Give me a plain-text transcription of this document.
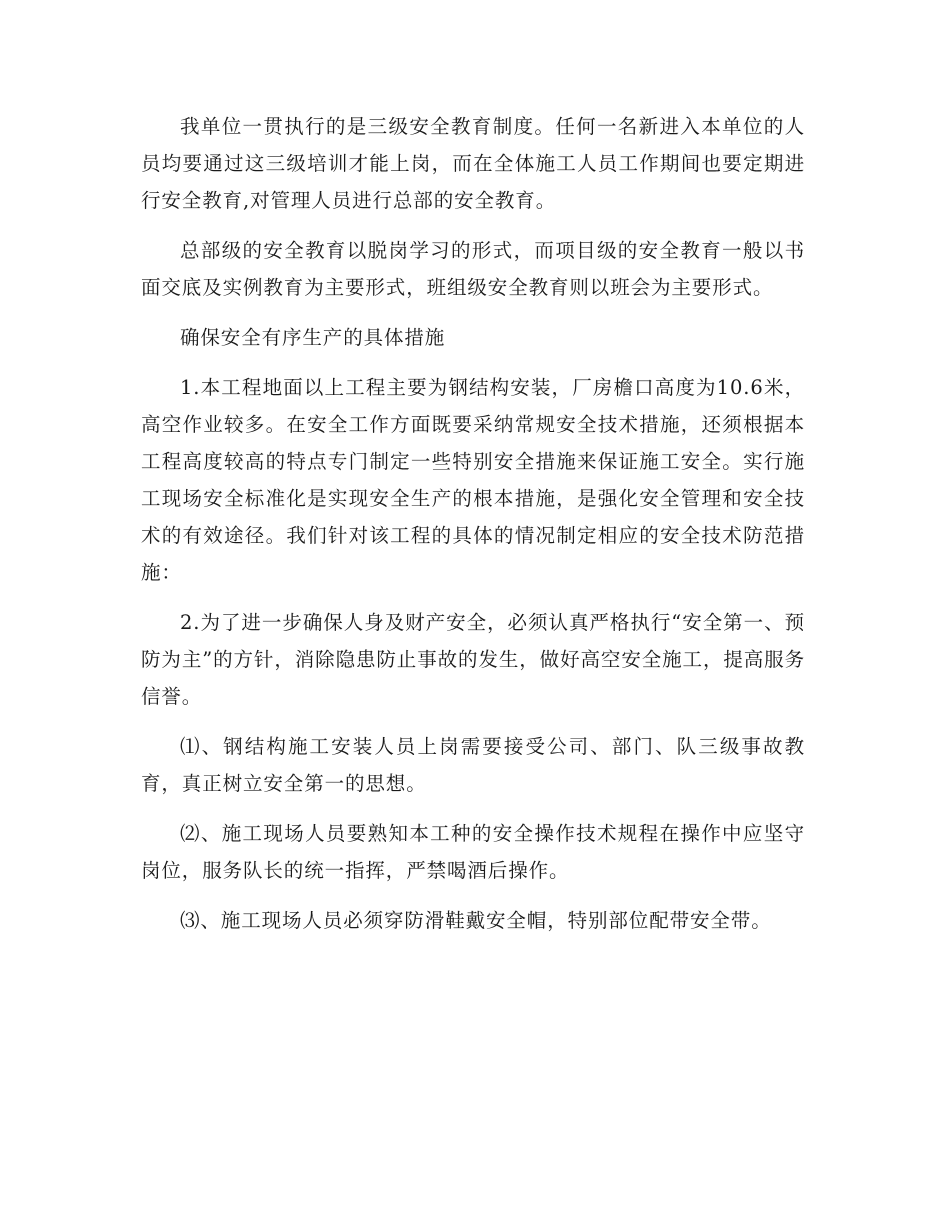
我单位一贯执行的是三级安全教育制度。任何一名新进入本单位的人员均要通过这三级培训才能上岗，而在全体施工人员工作期间也要定期进行安全教育,对管理人员进行总部的安全教育。

总部级的安全教育以脱岗学习的形式，而项目级的安全教育一般以书面交底及实例教育为主要形式，班组级安全教育则以班会为主要形式。

确保安全有序生产的具体措施

1.本工程地面以上工程主要为钢结构安装，厂房檐口高度为10.6米，高空作业较多。在安全工作方面既要采纳常规安全技术措施，还须根据本工程高度较高的特点专门制定一些特别安全措施来保证施工安全。实行施工现场安全标准化是实现安全生产的根本措施，是强化安全管理和安全技术的有效途径。我们针对该工程的具体的情况制定相应的安全技术防范措施：

2.为了进一步确保人身及财产安全，必须认真严格执行“安全第一、预防为主”的方针，消除隐患防止事故的发生，做好高空安全施工，提高服务信誉。

⑴、钢结构施工安装人员上岗需要接受公司、部门、队三级事故教育，真正树立安全第一的思想。

⑵、施工现场人员要熟知本工种的安全操作技术规程在操作中应坚守岗位，服务队长的统一指挥，严禁喝酒后操作。

⑶、施工现场人员必须穿防滑鞋戴安全帽，特别部位配带安全带。
